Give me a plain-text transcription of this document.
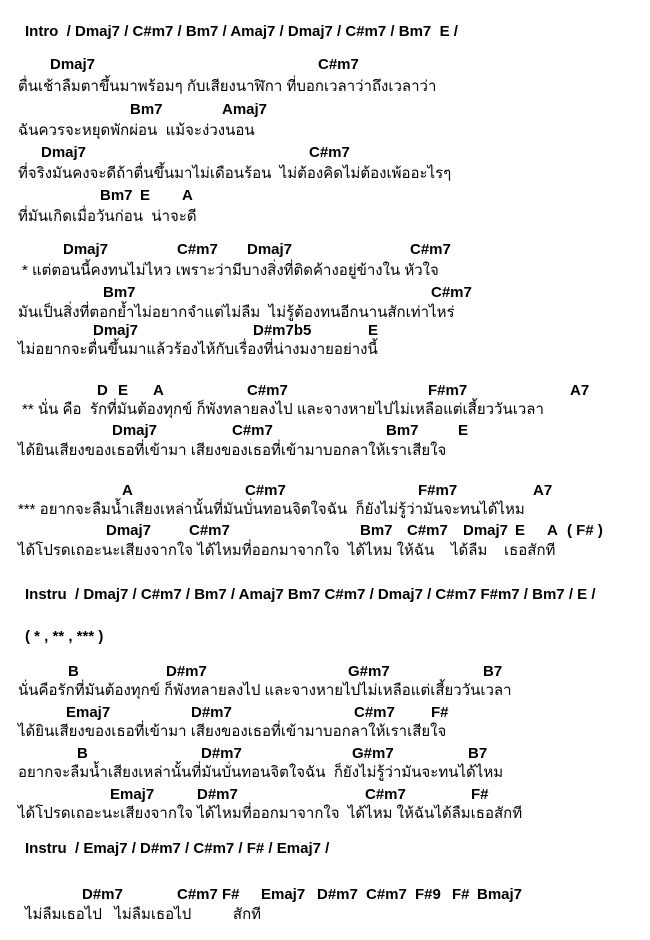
Intro  / Dmaj7 / C#m7 / Bm7 / Amaj7 / Dmaj7 / C#m7 / Bm7  E /
Dmaj7	C#m7
ตื่นเช้าลืมตาขึ้นมาพร้อมๆ กับเสียงนาฬิกา ที่บอกเวลาว่าถึงเวลาว่า
Bm7	Amaj7
ฉันควรจะหยุดพักผ่อน  แม้จะง่วงนอน
Dmaj7	C#m7
ที่จริงมันคงจะดีถ้าตื่นขึ้นมาไม่เดือนร้อน  ไม่ต้องคิดไม่ต้องเพ้ออะไรๆ
Bm7 E A
ที่มันเกิดเมื่อวันก่อน  น่าจะดี
Dmaj7	C#m7 Dmaj7	C#m7
* แต่ตอนนี้คงทนไม่ไหว เพราะว่ามีบางสิ่งที่ติดค้างอยู่ข้างใน หัวใจ
Bm7	C#m7
มันเป็นสิ่งที่ตอกย้ำไม่อยากจำแต่ไม่ลืม  ไม่รู้ต้องทนอีกนานสักเท่าไหร่
Dmaj7	D#m7b5	E
ไม่อยากจะตื่นขึ้นมาแล้วร้องไห้กับเรื่องที่น่างมงายอย่างนี้
D E A	C#m7	F#m7	A7
** นั่น คือ  รักที่มันต้องทุกข์ ก็พังทลายลงไป และจางหายไปไม่เหลือแต่เสี้ยววันเวลา
Dmaj7	C#m7	Bm7	E
ได้ยินเสียงของเธอที่เข้ามา เสียงของเธอที่เข้ามาบอกลาให้เราเสียใจ
A	C#m7	F#m7	A7
*** อยากจะลืมน้ำเสียงเหล่านั้นที่มันบั่นทอนจิตใจฉัน  ก็ยังไม่รู้ว่ามันจะทนได้ไหม
Dmaj7	C#m7	Bm7 C#m7 Dmaj7 E A ( F# )
ได้โปรดเถอะนะเสียงจากใจ ได้ไหมที่ออกมาจากใจ  ได้ไหม ให้ฉัน    ได้ลืม    เธอสักที
Instru  / Dmaj7 / C#m7 / Bm7 / Amaj7 Bm7 C#m7 / Dmaj7 / C#m7 F#m7 / Bm7 / E /
( * , ** , *** )
B	D#m7	G#m7	B7
นั่นคือรักที่มันต้องทุกข์ ก็พังทลายลงไป และจางหายไปไม่เหลือแต่เสี้ยววันเวลา
Emaj7	D#m7	C#m7 F#
ได้ยินเสียงของเธอที่เข้ามา เสียงของเธอที่เข้ามาบอกลาให้เราเสียใจ
B	D#m7	G#m7	B7
อยากจะลืมน้ำเสียงเหล่านั้นที่มันบั่นทอนจิตใจฉัน  ก็ยังไม่รู้ว่ามันจะทนได้ไหม
Emaj7	D#m7	C#m7	F#
ได้โปรดเถอะนะเสียงจากใจ ได้ไหมที่ออกมาจากใจ  ได้ไหม ให้ฉันได้ลืมเธอสักที
Instru  / Emaj7 / D#m7 / C#m7 / F# / Emaj7 /
D#m7	C#m7 F# Emaj7 D#m7 C#m7 F#9 F# Bmaj7
ไม่ลืมเธอไป   ไม่ลืมเธอไป          สักที
